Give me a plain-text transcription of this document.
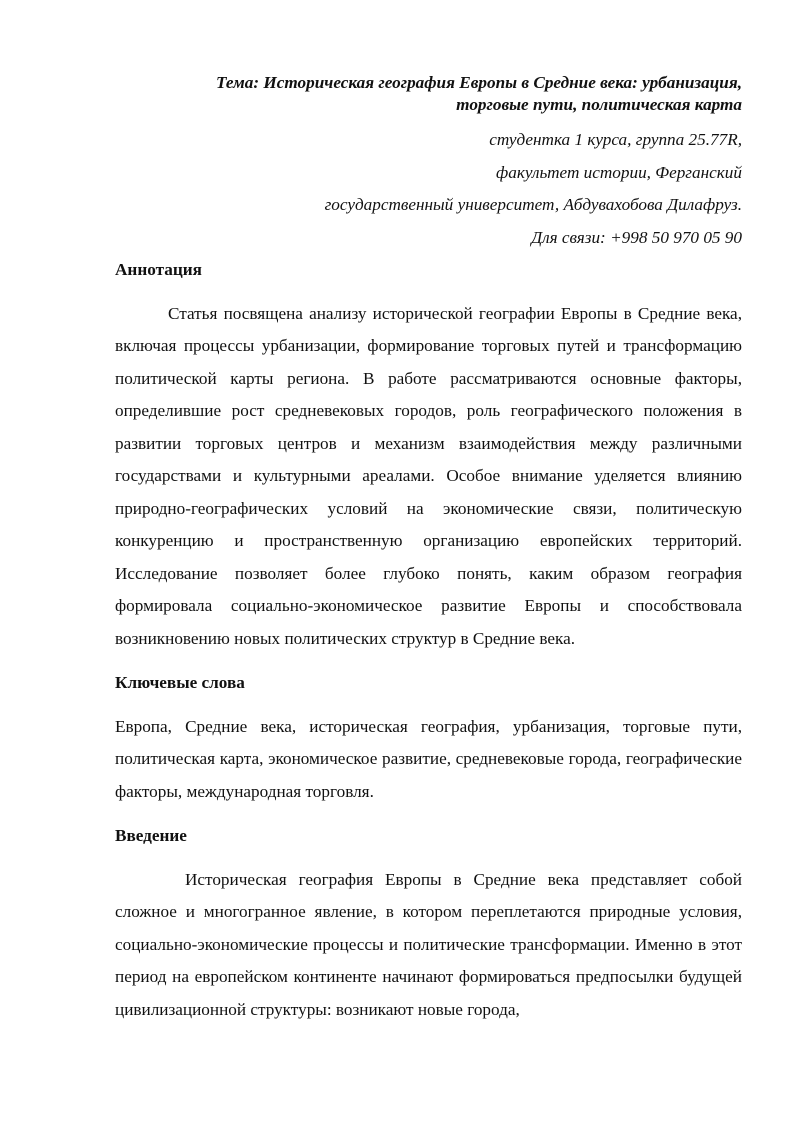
Тема: Историческая география Европы в Средние века: урбанизация,
торговые пути, политическая карта
студентка 1 курса, группа 25.77R,
факультет истории, Ферганский
государственный университет, Абдувахобова Дилафруз.
Для связи: +998 50 970 05 90
Аннотация

Статья посвящена анализу исторической географии Европы в Средние века, включая процессы урбанизации, формирование торговых путей и трансформацию политической карты региона. В работе рассматриваются основные факторы, определившие рост средневековых городов, роль географического положения в развитии торговых центров и механизм взаимодействия между различными государствами и культурными ареалами. Особое внимание уделяется влиянию природно-географических условий на экономические связи, политическую конкуренцию и пространственную организацию европейских территорий. Исследование позволяет более глубоко понять, каким образом география формировала социально-экономическое развитие Европы и способствовала возникновению новых политических структур в Средние века.

Ключевые слова

Европа, Средние века, историческая география, урбанизация, торговые пути, политическая карта, экономическое развитие, средневековые города, географические факторы, международная торговля.

Введение

Историческая география Европы в Средние века представляет собой сложное и многогранное явление, в котором переплетаются природные условия, социально-экономические процессы и политические трансформации. Именно в этот период на европейском континенте начинают формироваться предпосылки будущей цивилизационной структуры: возникают новые города,
